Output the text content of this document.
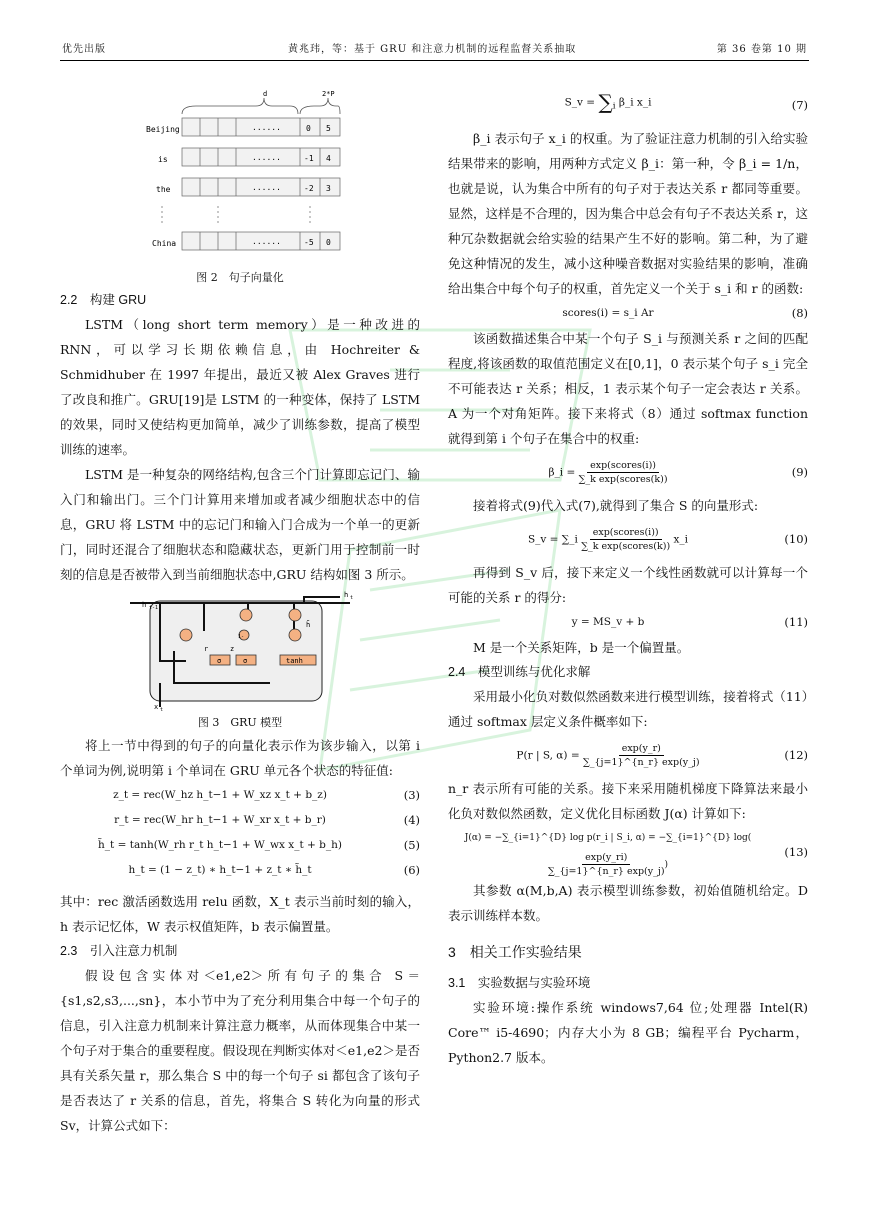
优先出版	黄兆玮，等：基于 GRU 和注意力机制的远程监督关系抽取	第 36 卷第 10 期
d	2*P
Beijing	......	0 5
is	......	-1 4
the	......	-2 3
China	......	-5 0
图 2　句子向量化
2.2　构建 GRU

LSTM（long short term memory）是一种改进的 RNN，可以学习长期依赖信息，由 Hochreiter & Schmidhuber 在 1997 年提出，最近又被 Alex Graves 进行了改良和推广。GRU[19]是 LSTM 的一种变体，保持了 LSTM 的效果，同时又使结构更加简单，减少了训练参数，提高了模型训练的速率。

LSTM 是一种复杂的网络结构,包含三个门计算即忘记门、输入门和输出门。三个门计算用来增加或者减少细胞状态中的信息，GRU 将 LSTM 中的忘记门和输入门合成为一个单一的更新门，同时还混合了细胞状态和隐藏状态，更新门用于控制前一时刻的信息是否被带入到当前细胞状态中,GRU 结构如图 3 所示。

h t-1
h t
x t
r	z
σ	σ	tanh
h̃
1-
图 3　GRU 模型

将上一节中得到的句子的向量化表示作为该步输入，以第 i 个单词为例,说明第 i 个单词在 GRU 单元各个状态的特征值:

z_t = rec(W_hz h_t−1 + W_xz x_t + b_z)	(3)
r_t = rec(W_hr h_t−1 + W_xr x_t + b_r)	(4)
h̃_t = tanh(W_rh r_t h_t−1 + W_wx x_t + b_h)	(5)
h_t = (1 − z_t) ∗ h_t−1 + z_t ∗ h̃_t	(6)

其中：rec 激活函数选用 relu 函数，X_t 表示当前时刻的输入，h 表示记忆体，W 表示权值矩阵，b 表示偏置量。

2.3　引入注意力机制

假设包含实体对＜e1,e2＞所有句子的集合 S＝{s1,s2,s3,...,sn}，本小节中为了充分利用集合中每一个句子的信息，引入注意力机制来计算注意力概率，从而体现集合中某一个句子对于集合的重要程度。假设现在判断实体对＜e1,e2＞是否具有关系矢量 r，那么集合 S 中的每一个句子 si 都包含了该句子是否表达了 r 关系的信息，首先，将集合 S 转化为向量的形式 Sv，计算公式如下：

S_v = $\sum_i$ β_i x_i	(7)

β_i 表示句子 x_i 的权重。为了验证注意力机制的引入给实验结果带来的影响，用两种方式定义 β_i：第一种，令 β_i = 1/n，也就是说，认为集合中所有的句子对于表达关系 r 都同等重要。显然，这样是不合理的，因为集合中总会有句子不表达关系 r，这种冗杂数据就会给实验的结果产生不好的影响。第二种，为了避免这种情况的发生，减小这种噪音数据对实验结果的影响，准确给出集合中每个句子的权重，首先定义一个关于 s_i 和 r 的函数:

scores(i) = s_i Ar	(8)

该函数描述集合中某一个句子 S_i 与预测关系 r 之间的匹配程度,将该函数的取值范围定义在[0,1]，0 表示某个句子 s_i 完全不可能表达 r 关系；相反，1 表示某个句子一定会表达 r 关系。A 为一个对角矩阵。接下来将式（8）通过 softmax function 就得到第 i 个句子在集合中的权重:

β_i = $\frac{\text{exp(scores(i))}}{\text{∑\_k exp(scores(k))}}$	(9)

接着将式(9)代入式(7),就得到了集合 S 的向量形式:

S_v = ∑_i $\frac{\text{exp(scores(i))}}{\text{∑\_k exp(scores(k))}}$ x_i	(10)

再得到 S_v 后，接下来定义一个线性函数就可以计算每一个可能的关系 r 的得分:

y = MS_v + b	(11)

M 是一个关系矩阵，b 是一个偏置量。

2.4　模型训练与优化求解

采用最小化负对数似然函数来进行模型训练，接着将式（11）通过 softmax 层定义条件概率如下:

P(r | S, $\alpha) = \frac{\exp(y\_r)}{\sum\_\{j=1\}\^{}\{n\_r\} \exp(y\_j)}$	(12)

n_r 表示所有可能的关系。接下来采用随机梯度下降算法来最小化负对数似然函数，定义优化目标函数 J(α) 计算如下:

J(α) = −∑_{i=1}^{D} log p(r_i | S_i, α) = −∑_{i=1}^{D} log(
$\frac{\exp(y\_ri)}{\sum\_\{j=1\}\^{}\{n\_r\} \exp(y\_j)}$ )
(13)

其参数 α(M,b,A) 表示模型训练参数，初始值随机给定。D 表示训练样本数。

3　相关工作实验结果
3.1　实验数据与实验环境

实验环境:操作系统 windows7,64 位;处理器 Intel(R) Core™ i5-4690；内存大小为 8 GB；编程平台 Pycharm，Python2.7 版本。
